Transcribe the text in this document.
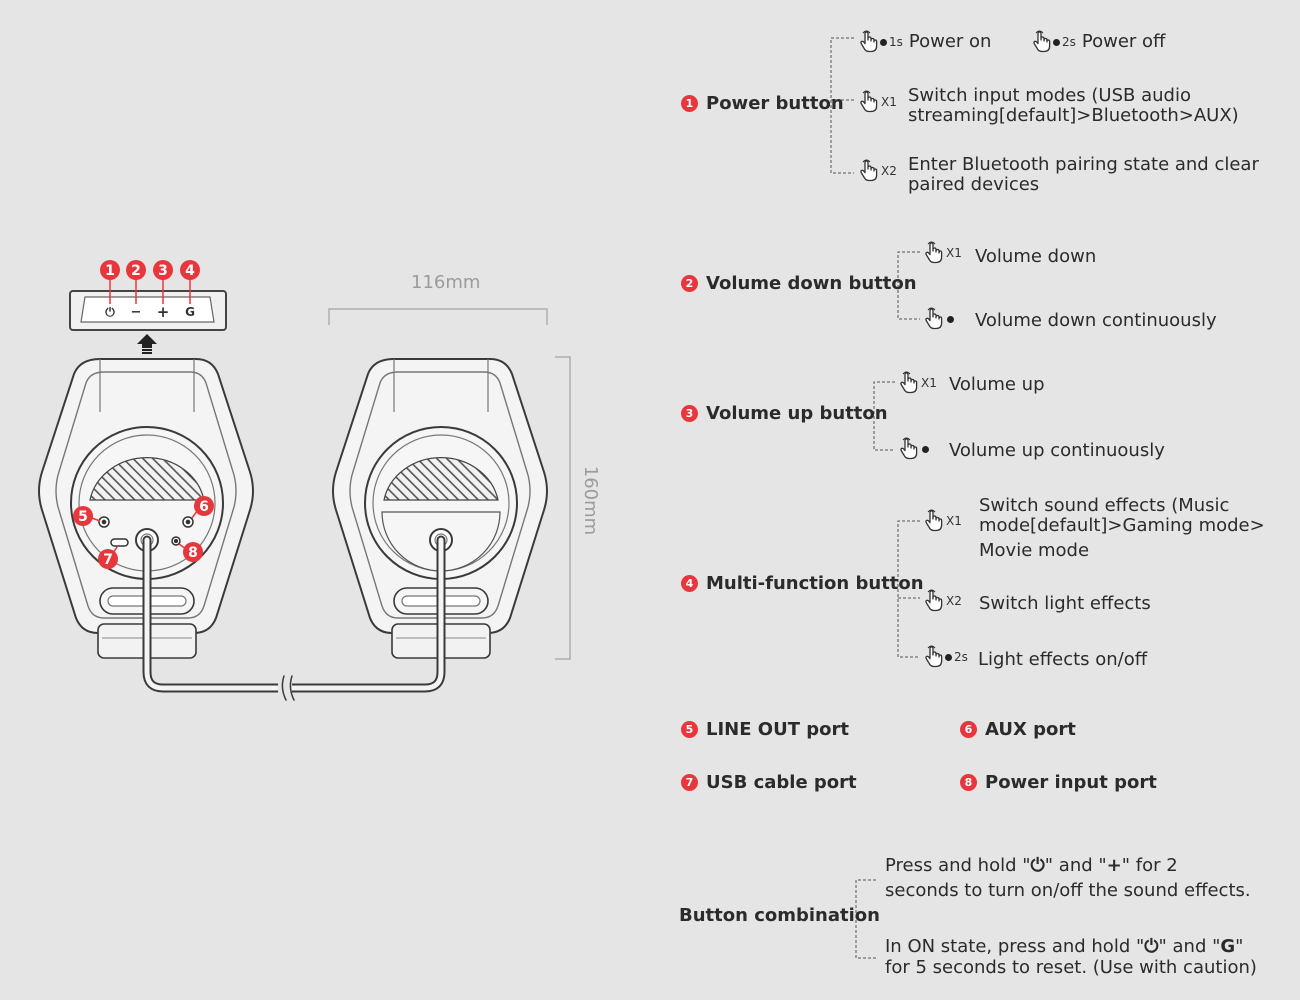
⏻ − + G
1 2 3 4
5
6
7	8
116mm
160mm
1 Power button
1s Power on	2s Power off
X1 Switch input modes (USB audio
streaming[default]>Bluetooth>AUX)
X2 Enter Bluetooth pairing state and clear
paired devices
2 Volume down button
X1 Volume down
Volume down continuously
3 Volume up button
X1 Volume up
Volume up continuously
4 Multi-function button
X1
Switch sound effects (Music
mode[default]>Gaming mode>
Movie mode
X2 Switch light effects
2s Light effects on/off
5 LINE OUT port	6 AUX port
7 USB cable port	8 Power input port
Button combination
Press and hold "⏻" and "+" for 2
seconds to turn on/off the sound effects.
In ON state, press and hold "⏻" and "G"
for 5 seconds to reset. (Use with caution)
